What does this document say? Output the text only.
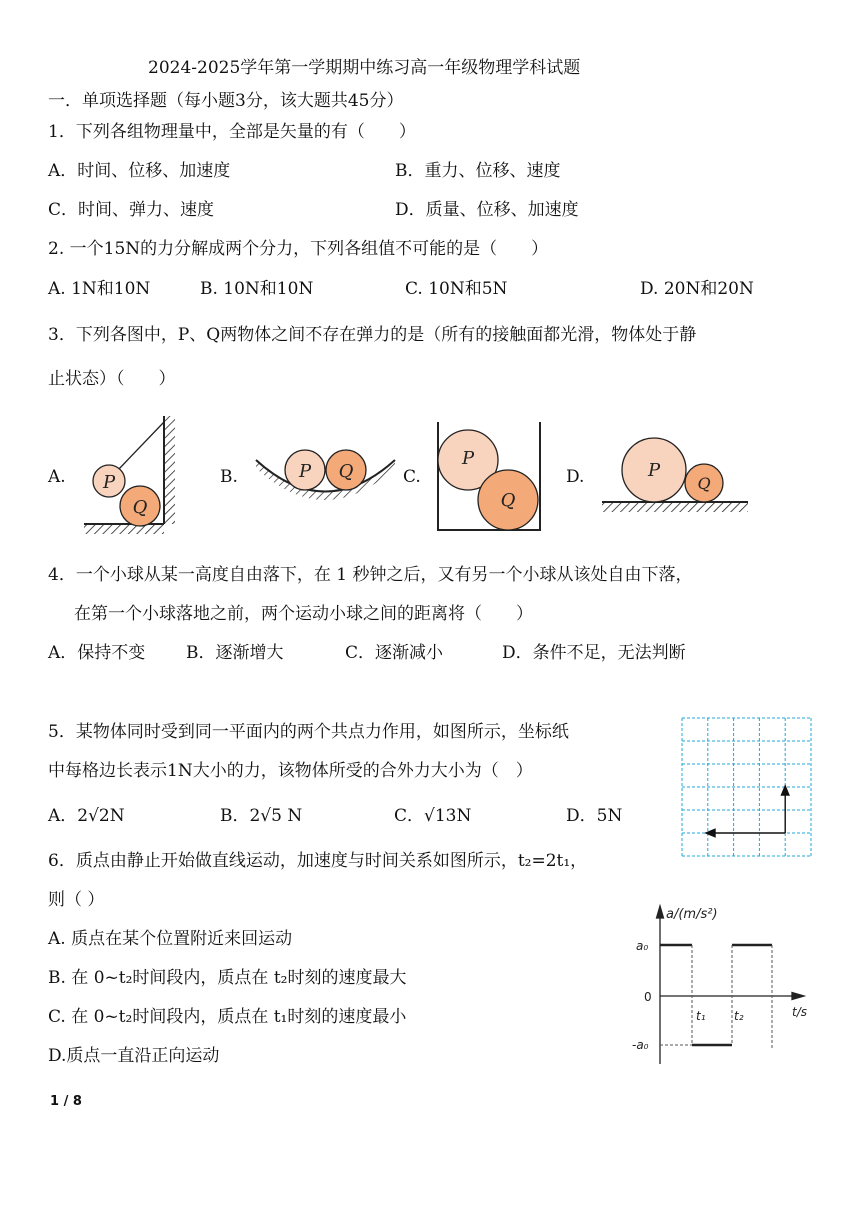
2024-2025学年第一学期期中练习高一年级物理学科试题
一．单项选择题（每小题3分，该大题共45分）
1．下列各组物理量中，全部是矢量的有（　　）
A．时间、位移、加速度	B．重力、位移、速度
C．时间、弹力、速度	D．质量、位移、加速度
2. 一个15N的力分解成两个分力，下列各组值不可能的是（　　）
A. 1N和10N	B. 10N和10N	C. 10N和5N	D. 20N和20N
3．下列各图中，P、Q两物体之间不存在弹力的是（所有的接触面都光滑，物体处于静
止状态）（　　）
A.	B.	C.	D.
P
Q
P Q
P
Q
P
Q
4．一个小球从某一高度自由落下，在 1 秒钟之后，又有另一个小球从该处自由下落，
在第一个小球落地之前，两个运动小球之间的距离将（　　）
A．保持不变 B．逐渐增大	C．逐渐减小	D．条件不足，无法判断
5．某物体同时受到同一平面内的两个共点力作用，如图所示，坐标纸
中每格边长表示1N大小的力，该物体所受的合外力大小为（　）
A．2√2N	B．2√5 N	C．√13N	D．5N
6．质点由静止开始做直线运动，加速度与时间关系如图所示，t₂=2t₁，
则（ ）
A. 质点在某个位置附近来回运动
B. 在 0~t₂时间段内，质点在 t₂时刻的速度最大
C. 在 0~t₂时间段内，质点在 t₁时刻的速度最小
D.质点一直沿正向运动
a/(m/s²)
t/s
a₀
0
-a₀
t₁ t₂
1 / 8
